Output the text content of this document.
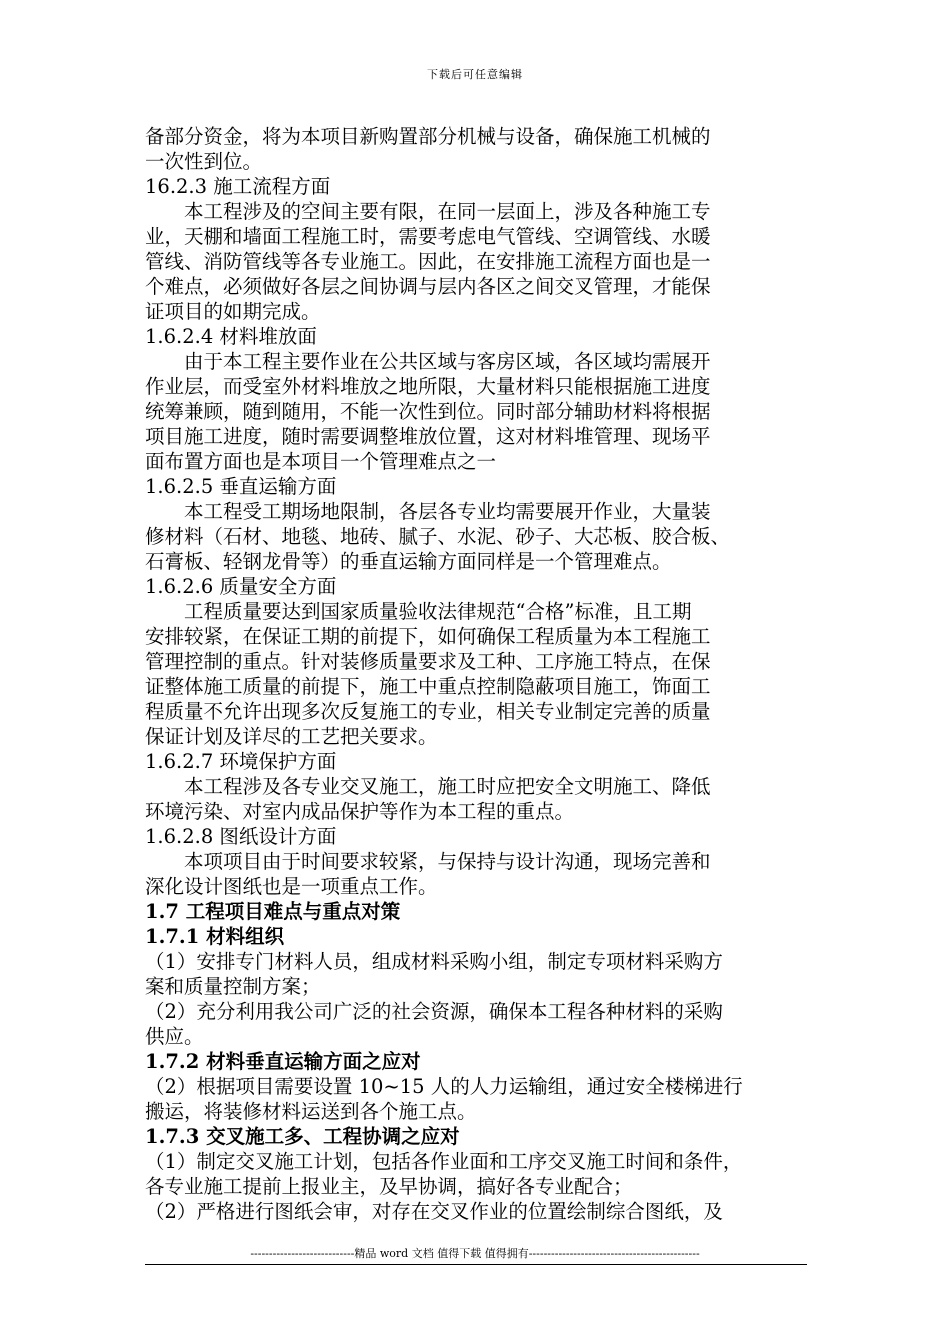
下载后可任意编辑

备部分资金，将为本项目新购置部分机械与设备，确保施工机械的

一次性到位。

16.2.3 施工流程方面

本工程涉及的空间主要有限，在同一层面上，涉及各种施工专

业，天棚和墙面工程施工时，需要考虑电气管线、空调管线、水暖

管线、消防管线等各专业施工。因此，在安排施工流程方面也是一

个难点，必须做好各层之间协调与层内各区之间交叉管理，才能保

证项目的如期完成。

1.6.2.4 材料堆放面

由于本工程主要作业在公共区域与客房区域，各区域均需展开

作业层，而受室外材料堆放之地所限，大量材料只能根据施工进度

统筹兼顾，随到随用，不能一次性到位。同时部分辅助材料将根据

项目施工进度，随时需要调整堆放位置，这对材料堆管理、现场平

面布置方面也是本项目一个管理难点之一

1.6.2.5 垂直运输方面

本工程受工期场地限制，各层各专业均需要展开作业，大量装

修材料（石材、地毯、地砖、腻子、水泥、砂子、大芯板、胶合板、

石膏板、轻钢龙骨等）的垂直运输方面同样是一个管理难点。

1.6.2.6 质量安全方面

工程质量要达到国家质量验收法律规范“合格”标准，且工期

安排较紧，在保证工期的前提下，如何确保工程质量为本工程施工

管理控制的重点。针对装修质量要求及工种、工序施工特点，在保

证整体施工质量的前提下，施工中重点控制隐蔽项目施工，饰面工

程质量不允许出现多次反复施工的专业，相关专业制定完善的质量

保证计划及详尽的工艺把关要求。

1.6.2.7 环境保护方面

本工程涉及各专业交叉施工，施工时应把安全文明施工、降低

环境污染、对室内成品保护等作为本工程的重点。

1.6.2.8 图纸设计方面

本项项目由于时间要求较紧，与保持与设计沟通，现场完善和

深化设计图纸也是一项重点工作。

1.7 工程项目难点与重点对策

1.7.1 材料组织

（1）安排专门材料人员，组成材料采购小组，制定专项材料采购方

案和质量控制方案；

（2）充分利用我公司广泛的社会资源，确保本工程各种材料的采购

供应。

1.7.2 材料垂直运输方面之应对

（2）根据项目需要设置 10~15 人的人力运输组，通过安全楼梯进行

搬运，将装修材料运送到各个施工点。

1.7.3 交叉施工多、工程协调之应对

（1）制定交叉施工计划，包括各作业面和工序交叉施工时间和条件，

各专业施工提前上报业主，及早协调，搞好各专业配合；

（2）严格进行图纸会审，对存在交叉作业的位置绘制综合图纸，及

----------------------------精品 word 文档 值得下载 值得拥有----------------------------------------------
